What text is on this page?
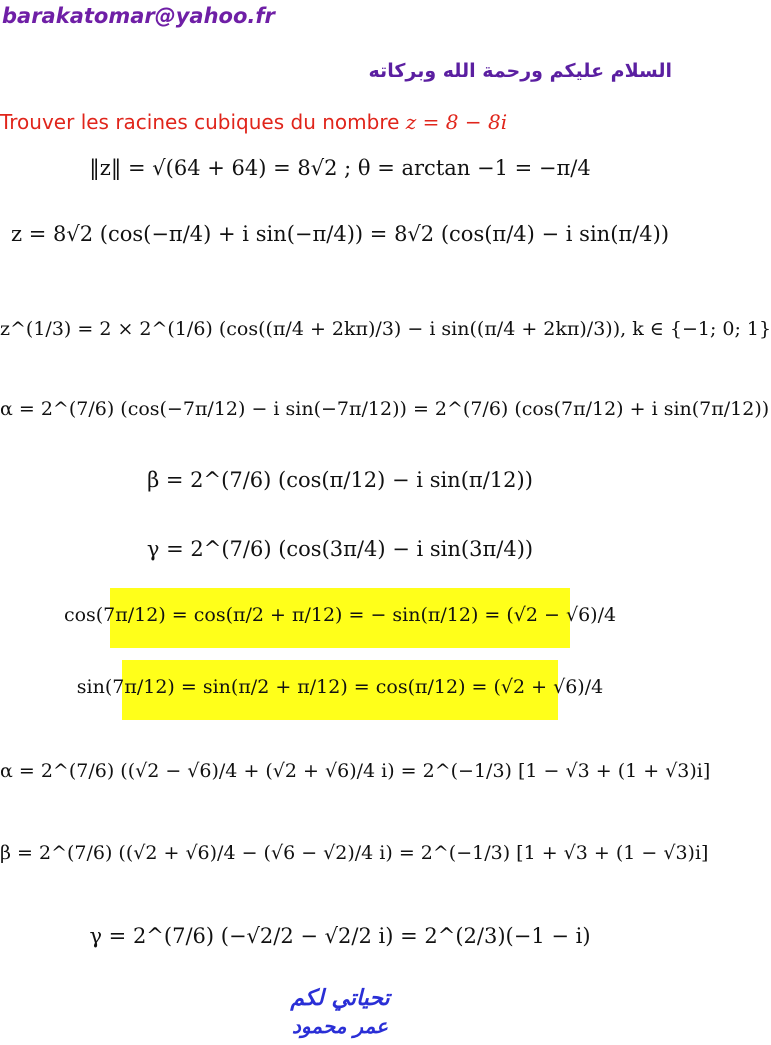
barakatomar@yahoo.fr
السلام عليكم ورحمة الله وبركاته
Trouver les racines cubiques du nombre z = 8 − 8i
‖z‖ = √(64 + 64) = 8√2 ; θ = arctan −1 = −π/4
z = 8√2 (cos(−π/4) + i sin(−π/4)) = 8√2 (cos(π/4) − i sin(π/4))
z^(1/3) = 2 × 2^(1/6) (cos((π/4 + 2kπ)/3) − i sin((π/4 + 2kπ)/3)), k ∈ {−1; 0; 1}
α = 2^(7/6) (cos(−7π/12) − i sin(−7π/12)) = 2^(7/6) (cos(7π/12) + i sin(7π/12))
β = 2^(7/6) (cos(π/12) − i sin(π/12))
γ = 2^(7/6) (cos(3π/4) − i sin(3π/4))
cos(7π/12) = cos(π/2 + π/12) = − sin(π/12) = (√2 − √6)/4
sin(7π/12) = sin(π/2 + π/12) = cos(π/12) = (√2 + √6)/4
α = 2^(7/6) ((√2 − √6)/4 + (√2 + √6)/4 i) = 2^(−1/3) [1 − √3 + (1 + √3)i]
β = 2^(7/6) ((√2 + √6)/4 − (√6 − √2)/4 i) = 2^(−1/3) [1 + √3 + (1 − √3)i]
γ = 2^(7/6) (−√2/2 − √2/2 i) = 2^(2/3)(−1 − i)
تحياتي لكم
عمر محمود
